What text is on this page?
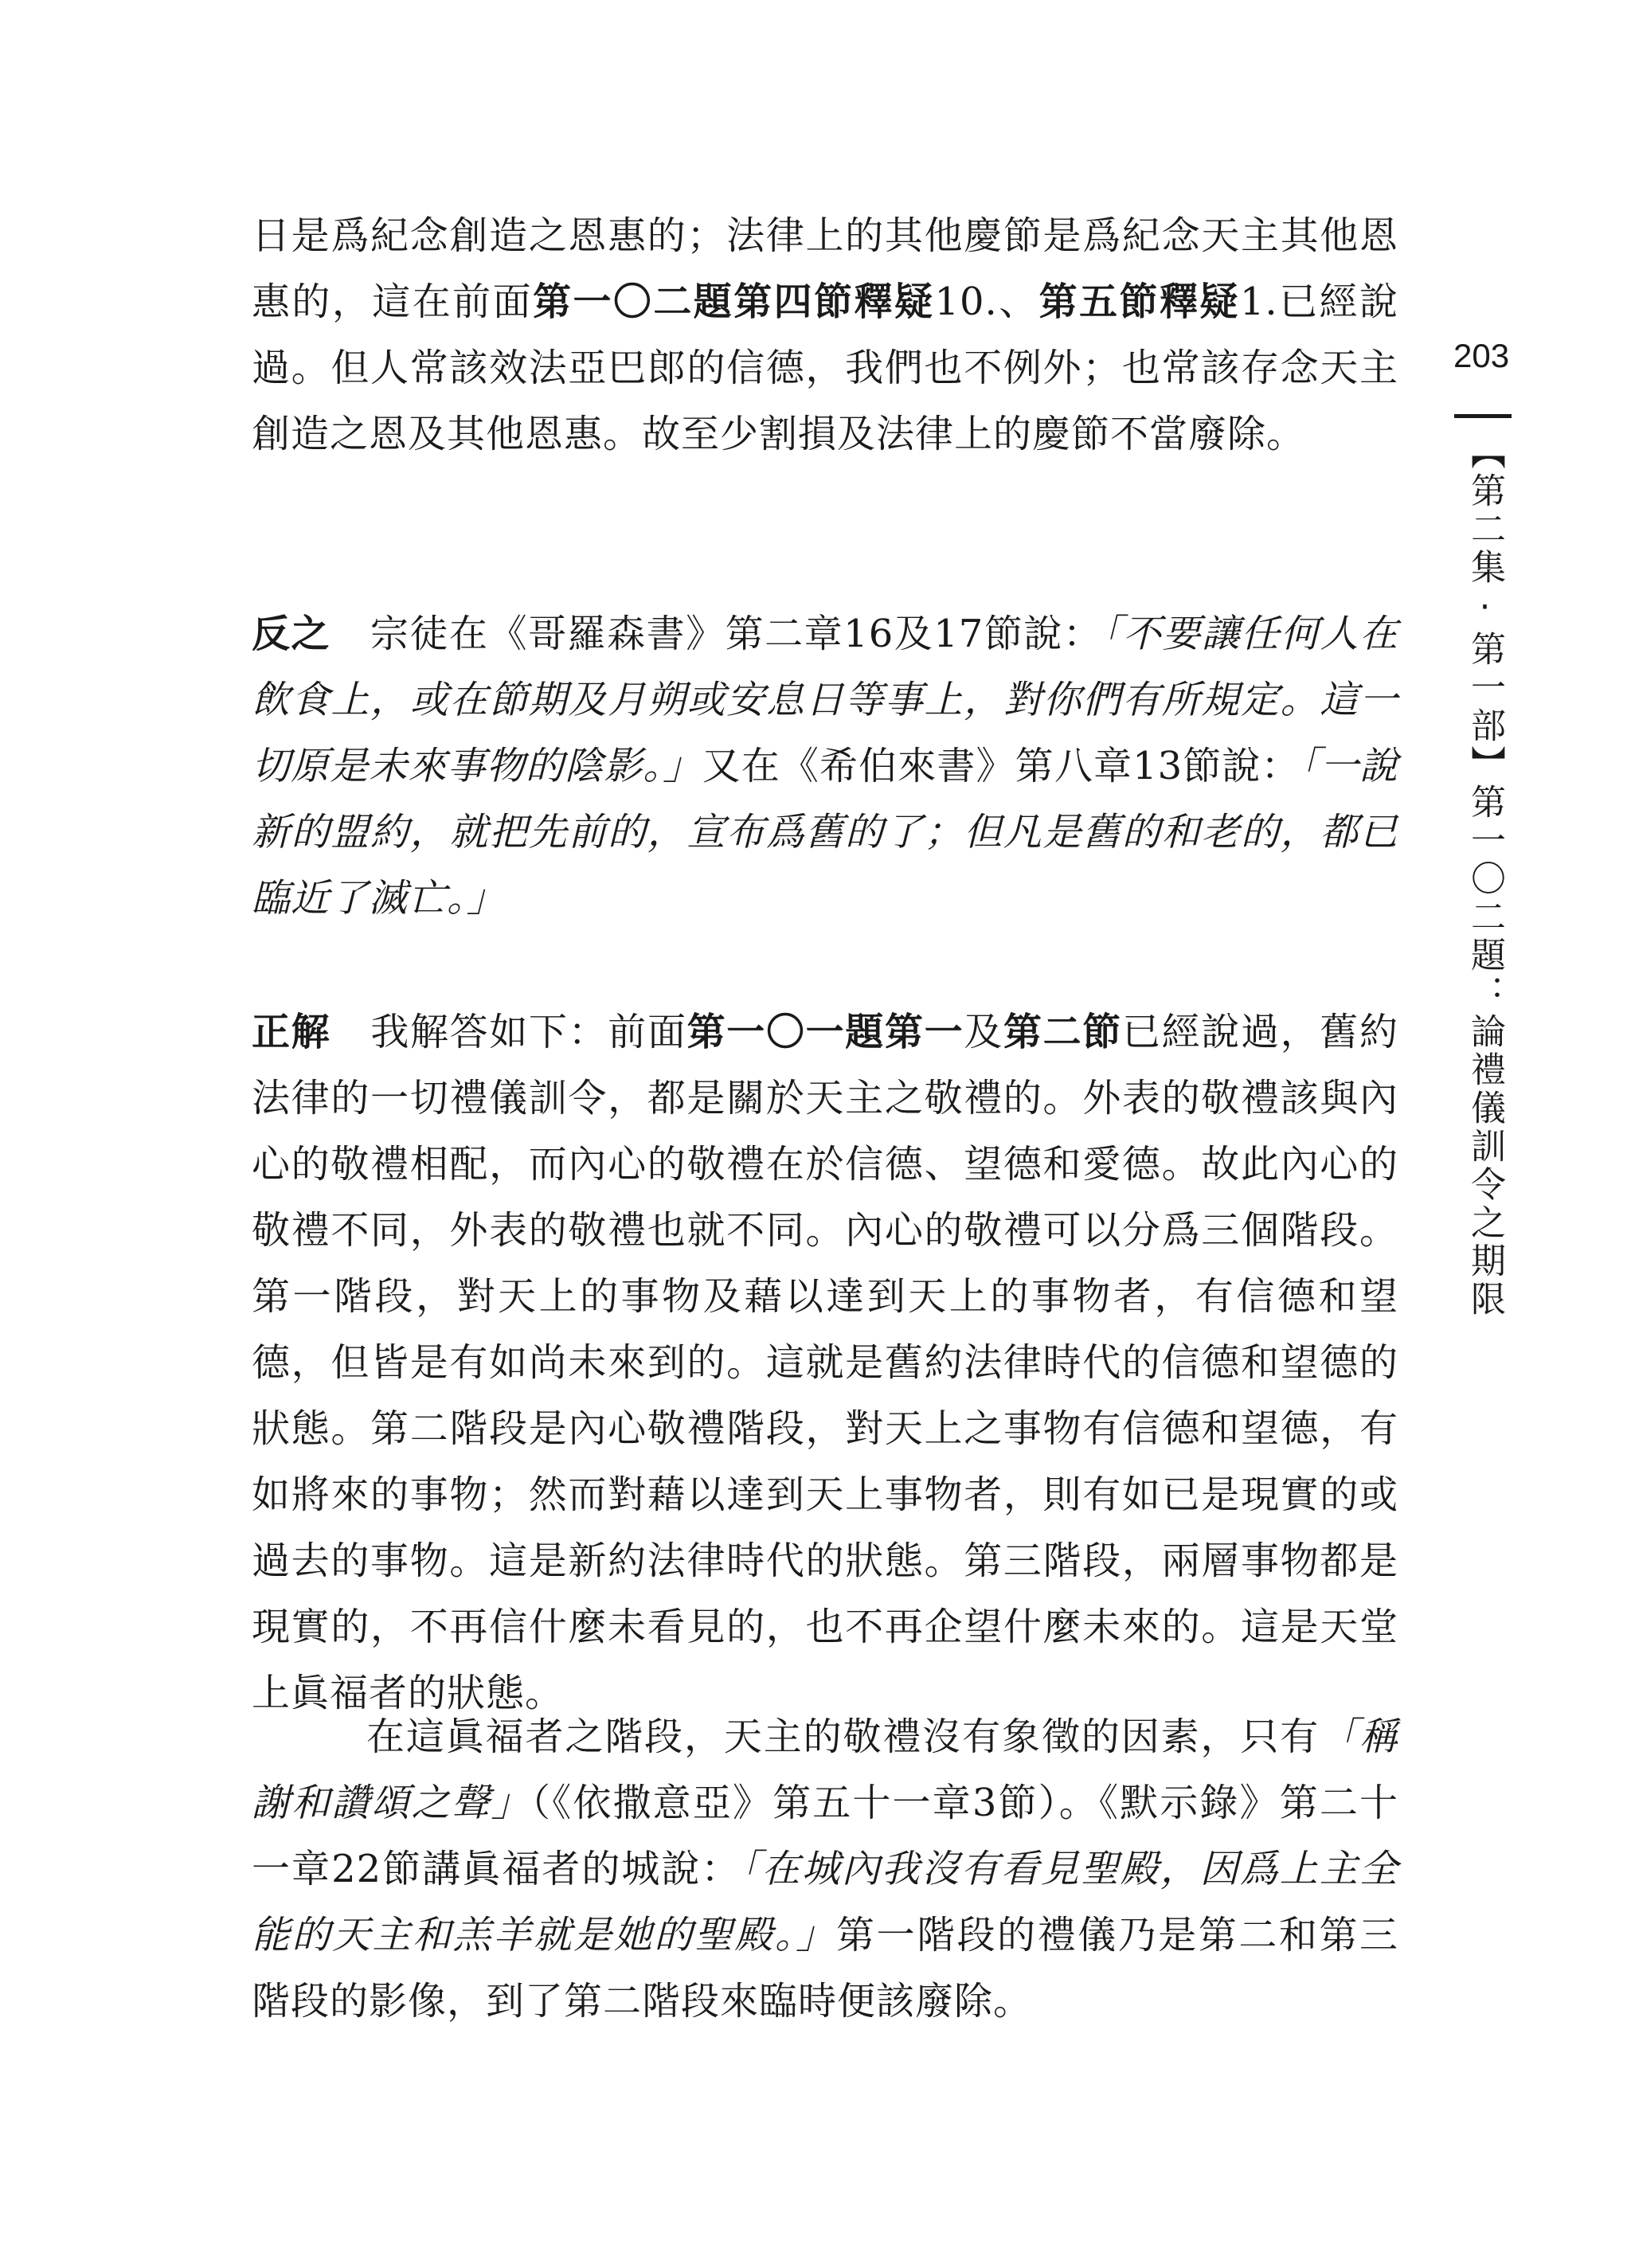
日是爲紀念創造之恩惠的；法律上的其他慶節是爲紀念天主其他恩惠的，這在前面第一〇二題第四節釋疑10.、第五節釋疑1.已經說過。但人常該效法亞巴郎的信德，我們也不例外；也常該存念天主創造之恩及其他恩惠。故至少割損及法律上的慶節不當廢除。
反之 宗徒在《哥羅森書》第二章16及17節說：「不要讓任何人在飲食上，或在節期及月朔或安息日等事上，對你們有所規定。這一切原是未來事物的陰影。」又在《希伯來書》第八章13節說：「一說新的盟約，就把先前的，宣布爲舊的了；但凡是舊的和老的，都已臨近了滅亡。」
正解 我解答如下：前面第一〇一題第一及第二節已經說過，舊約法律的一切禮儀訓令，都是關於天主之敬禮的。外表的敬禮該與內心的敬禮相配，而內心的敬禮在於信德、望德和愛德。故此內心的敬禮不同，外表的敬禮也就不同。內心的敬禮可以分爲三個階段。第一階段，對天上的事物及藉以達到天上的事物者，有信德和望德，但皆是有如尚未來到的。這就是舊約法律時代的信德和望德的狀態。第二階段是內心敬禮階段，對天上之事物有信德和望德，有如將來的事物；然而對藉以達到天上事物者，則有如已是現實的或過去的事物。這是新約法律時代的狀態。第三階段，兩層事物都是現實的，不再信什麼未看見的，也不再企望什麼未來的。這是天堂上眞福者的狀態。
在這眞福者之階段，天主的敬禮沒有象徵的因素，只有「稱謝和讚頌之聲」（《依撒意亞》第五十一章3節）。《默示錄》第二十一章22節講眞福者的城說：「在城內我沒有看見聖殿，因爲上主全能的天主和羔羊就是她的聖殿。」第一階段的禮儀乃是第二和第三階段的影像，到了第二階段來臨時便該廢除。
203
【第二集·第一部】第一〇二題：論禮儀訓令之期限
